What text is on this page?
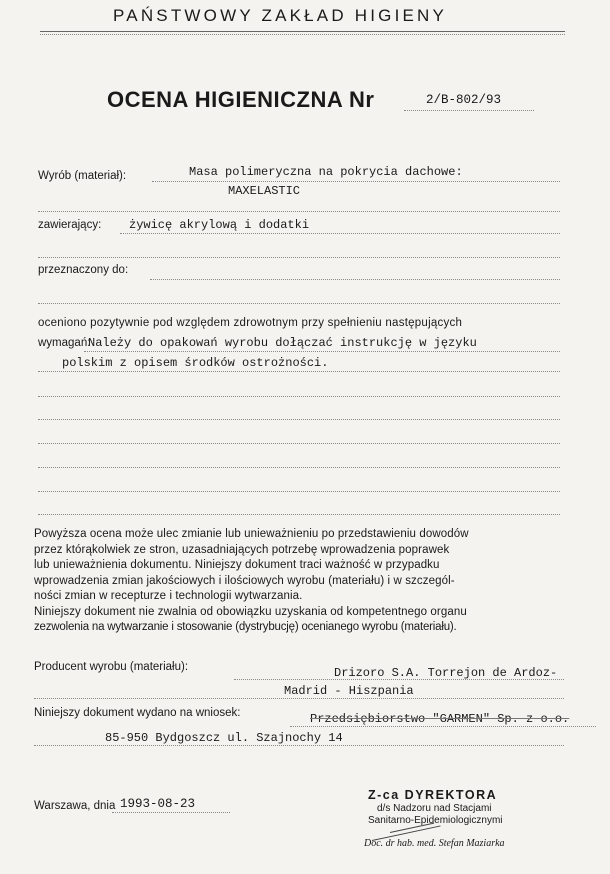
PAŃSTWOWY ZAKŁAD HIGIENY
OCENA HIGIENICZNA Nr	2/B-802/93
Wyrób (materiał):	Masa polimeryczna na pokrycia dachowe:
MAXELASTIC
zawierający: żywicę akrylową i dodatki
przeznaczony do:
oceniono pozytywnie pod względem zdrowotnym przy spełnieniu następujących
wymagań:
Należy do opakowań wyrobu dołączać instrukcję w języku
polskim z opisem środków ostrożności.
Powyższa ocena może ulec zmianie lub unieważnieniu po przedstawieniu dowodów
przez którąkolwiek ze stron, uzasadniających potrzebę wprowadzenia poprawek
lub unieważnienia dokumentu. Niniejszy dokument traci ważność w przypadku
wprowadzenia zmian jakościowych i ilościowych wyrobu (materiału) i w szczegól-
ności zmian w recepturze i technologii wytwarzania.
Niniejszy dokument nie zwalnia od obowiązku uzyskania od kompetentnego organu
zezwolenia na wytwarzanie i stosowanie (dystrybucję) ocenianego wyrobu (materiału).
Producent wyrobu (materiału):	Drizoro S.A. Torrejon de Ardoz-
Madrid - Hiszpania
Niniejszy dokument wydano na wniosek:	Przedsiębiorstwo "GARMEN" Sp. z o.o.
85-950 Bydgoszcz ul. Szajnochy 14
Warszawa, dnia 1993-08-23
Z-ca DYREKTORA
d/s Nadzoru nad Stacjami
Sanitarno-Epidemiologicznymi
Doc. dr hab. med. Stefan Maziarka
